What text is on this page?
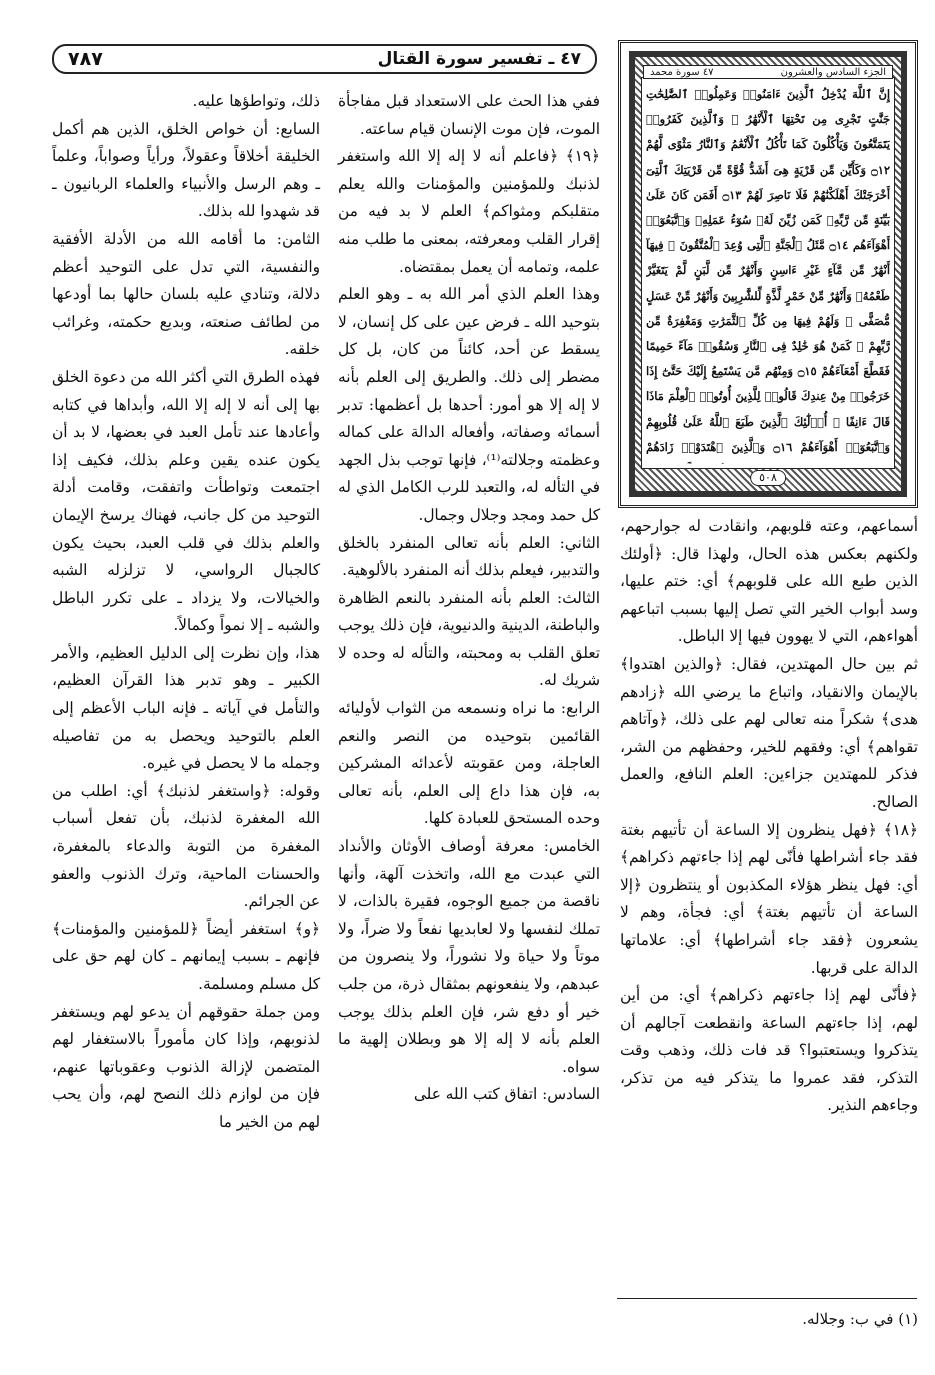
٤٧ ـ تفسير سورة القتال
٧٨٧
إِنَّ ٱللَّهَ يُدْخِلُ ٱلَّذِينَ ءَامَنُوا۟ وَعَمِلُوا۟ ٱلصَّٰلِحَٰتِ جَنَّٰتٍ تَجْرِى مِن تَحْتِهَا ٱلْأَنْهَٰرُ ۖ وَٱلَّذِينَ كَفَرُوا۟ يَتَمَتَّعُونَ وَيَأْكُلُونَ كَمَا تَأْكُلُ ٱلْأَنْعَٰمُ وَٱلنَّارُ مَثْوًى لَّهُمْ ۝١٢ وَكَأَيِّن مِّن قَرْيَةٍ هِىَ أَشَدُّ قُوَّةً مِّن قَرْيَتِكَ ٱلَّتِىٓ أَخْرَجَتْكَ أَهْلَكْنَٰهُمْ فَلَا نَاصِرَ لَهُمْ ۝١٣ أَفَمَن كَانَ عَلَىٰ بَيِّنَةٍ مِّن رَّبِّهِۦ كَمَن زُيِّنَ لَهُۥ سُوٓءُ عَمَلِهِۦ وَٱتَّبَعُوٓا۟ أَهْوَآءَهُم ۝١٤ مَّثَلُ ٱلْجَنَّةِ ٱلَّتِى وُعِدَ ٱلْمُتَّقُونَ ۖ فِيهَآ أَنْهَٰرٌ مِّن مَّآءٍ غَيْرِ ءَاسِنٍ وَأَنْهَٰرٌ مِّن لَّبَنٍ لَّمْ يَتَغَيَّرْ طَعْمُهُۥ وَأَنْهَٰرٌ مِّنْ خَمْرٍ لَّذَّةٍ لِّلشَّٰرِبِينَ وَأَنْهَٰرٌ مِّنْ عَسَلٍ مُّصَفًّى ۖ وَلَهُمْ فِيهَا مِن كُلِّ ٱلثَّمَرَٰتِ وَمَغْفِرَةٌ مِّن رَّبِّهِمْ ۖ كَمَنْ هُوَ خَٰلِدٌ فِى ٱلنَّارِ وَسُقُوا۟ مَآءً حَمِيمًا فَقَطَّعَ أَمْعَآءَهُمْ ۝١٥ وَمِنْهُم مَّن يَسْتَمِعُ إِلَيْكَ حَتَّىٰٓ إِذَا خَرَجُوا۟ مِنْ عِندِكَ قَالُوا۟ لِلَّذِينَ أُوتُوا۟ ٱلْعِلْمَ مَاذَا قَالَ ءَانِفًا ۚ أُو۟لَٰٓئِكَ ٱلَّذِينَ طَبَعَ ٱللَّهُ عَلَىٰ قُلُوبِهِمْ وَٱتَّبَعُوٓا۟ أَهْوَآءَهُمْ ۝١٦ وَٱلَّذِينَ ٱهْتَدَوْا۟ زَادَهُمْ
الجزء السادس والعشرون
٤٧ سورة محمد
٥٠٨

أسماعهم، وعته قلوبهم، وانقادت له جوارحهم، ولكنهم بعكس هذه الحال، ولهذا قال: ﴿أولئك الذين طبع الله على قلوبهم﴾ أي: ختم عليها، وسد أبواب الخير التي تصل إليها بسبب اتباعهم أهواءهم، التي لا يهوون فيها إلا الباطل.

ثم بين حال المهتدين، فقال: ﴿والذين اهتدوا﴾ بالإيمان والانقياد، واتباع ما يرضي الله ﴿زادهم هدى﴾ شكراً منه تعالى لهم على ذلك، ﴿وآتاهم تقواهم﴾ أي: وفقهم للخير، وحفظهم من الشر، فذكر للمهتدين جزاءين: العلم النافع، والعمل الصالح.

﴿١٨﴾ ﴿فهل ينظرون إلا الساعة أن تأتيهم بغتة فقد جاء أشراطها فأنّى لهم إذا جاءتهم ذكراهم﴾ أي: فهل ينظر هؤلاء المكذبون أو ينتظرون ﴿إلا الساعة أن تأتيهم بغتة﴾ أي: فجأة، وهم لا يشعرون ﴿فقد جاء أشراطها﴾ أي: علاماتها الدالة على قربها.

﴿فأنّى لهم إذا جاءتهم ذكراهم﴾ أي: من أين لهم، إذا جاءتهم الساعة وانقطعت آجالهم أن يتذكروا ويستعتبوا؟ قد فات ذلك، وذهب وقت التذكر، فقد عمروا ما يتذكر فيه من تذكر، وجاءهم النذير.

ففي هذا الحث على الاستعداد قبل مفاجأة الموت، فإن موت الإنسان قيام ساعته.

﴿١٩﴾ ﴿فاعلم أنه لا إله إلا الله واستغفر لذنبك وللمؤمنين والمؤمنات والله يعلم متقلبكم ومثواكم﴾ العلم لا بد فيه من إقرار القلب ومعرفته، بمعنى ما طلب منه علمه، وتمامه أن يعمل بمقتضاه.

وهذا العلم الذي أمر الله به ـ وهو العلم بتوحيد الله ـ فرض عين على كل إنسان، لا يسقط عن أحد، كائناً من كان، بل كل مضطر إلى ذلك. والطريق إلى العلم بأنه لا إله إلا هو أمور: أحدها بل أعظمها: تدبر أسمائه وصفاته، وأفعاله الدالة على كماله وعظمته وجلالته⁽¹⁾، فإنها توجب بذل الجهد في التأله له، والتعبد للرب الكامل الذي له كل حمد ومجد وجلال وجمال.

الثاني: العلم بأنه تعالى المنفرد بالخلق والتدبير، فيعلم بذلك أنه المنفرد بالألوهية.

الثالث: العلم بأنه المنفرد بالنعم الظاهرة والباطنة، الدينية والدنيوية، فإن ذلك يوجب تعلق القلب به ومحبته، والتأله له وحده لا شريك له.

الرابع: ما نراه ونسمعه من الثواب لأوليائه القائمين بتوحيده من النصر والنعم العاجلة، ومن عقوبته لأعدائه المشركين به، فإن هذا داع إلى العلم، بأنه تعالى وحده المستحق للعبادة كلها.

الخامس: معرفة أوصاف الأوثان والأنداد التي عبدت مع الله، واتخذت آلهة، وأنها ناقصة من جميع الوجوه، فقيرة بالذات، لا تملك لنفسها ولا لعابديها نفعاً ولا ضراً، ولا موتاً ولا حياة ولا نشوراً، ولا ينصرون من عبدهم، ولا ينفعونهم بمثقال ذرة، من جلب خير أو دفع شر، فإن العلم بذلك يوجب العلم بأنه لا إله إلا هو وبطلان إلهية ما سواه.

السادس: اتفاق كتب الله على

ذلك، وتواطؤها عليه.

السابع: أن خواص الخلق، الذين هم أكمل الخليقة أخلاقاً وعقولاً، ورأياً وصواباً، وعلماً ـ وهم الرسل والأنبياء والعلماء الربانيون ـ قد شهدوا لله بذلك.

الثامن: ما أقامه الله من الأدلة الأفقية والنفسية، التي تدل على التوحيد أعظم دلالة، وتنادي عليه بلسان حالها بما أودعها من لطائف صنعته، وبديع حكمته، وغرائب خلقه.

فهذه الطرق التي أكثر الله من دعوة الخلق بها إلى أنه لا إله إلا الله، وأبداها في كتابه وأعادها عند تأمل العبد في بعضها، لا بد أن يكون عنده يقين وعلم بذلك، فكيف إذا اجتمعت وتواطأت واتفقت، وقامت أدلة التوحيد من كل جانب، فهناك يرسخ الإيمان والعلم بذلك في قلب العبد، بحيث يكون كالجبال الرواسي، لا تزلزله الشبه والخيالات، ولا يزداد ـ على تكرر الباطل والشبه ـ إلا نمواً وكمالاً.

هذا، وإن نظرت إلى الدليل العظيم، والأمر الكبير ـ وهو تدبر هذا القرآن العظيم، والتأمل في آياته ـ فإنه الباب الأعظم إلى العلم بالتوحيد ويحصل به من تفاصيله وجمله ما لا يحصل في غيره.

وقوله: ﴿واستغفر لذنبك﴾ أي: اطلب من الله المغفرة لذنبك، بأن تفعل أسباب المغفرة من التوبة والدعاء بالمغفرة، والحسنات الماحية، وترك الذنوب والعفو عن الجرائم.

﴿و﴾ استغفر أيضاً ﴿للمؤمنين والمؤمنات﴾ فإنهم ـ بسبب إيمانهم ـ كان لهم حق على كل مسلم ومسلمة.

ومن جملة حقوقهم أن يدعو لهم ويستغفر لذنوبهم، وإذا كان مأموراً بالاستغفار لهم المتضمن لإزالة الذنوب وعقوباتها عنهم، فإن من لوازم ذلك النصح لهم، وأن يحب لهم من الخير ما

(١) في ب: وجلاله.
